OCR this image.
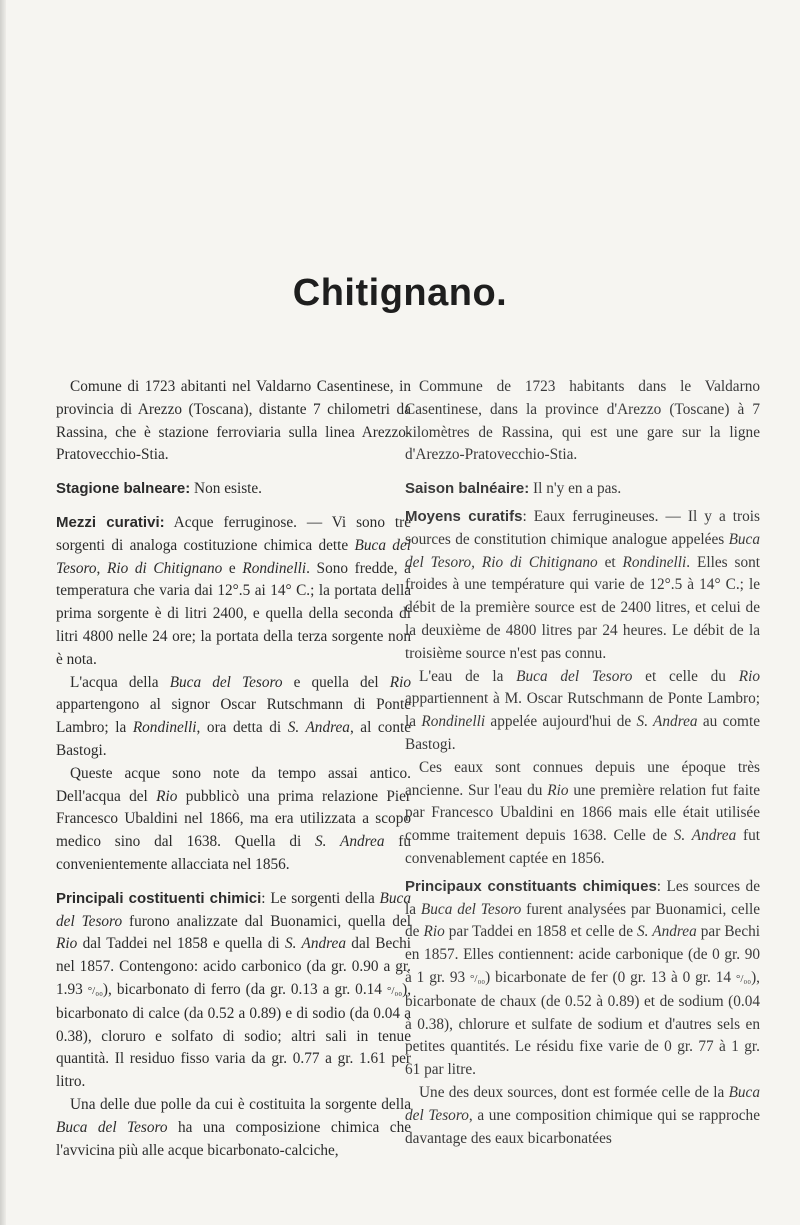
Chitignano.

Comune di 1723 abitanti nel Valdarno Casentinese, in provincia di Arezzo (Toscana), distante 7 chilometri da Rassina, che è stazione ferroviaria sulla linea Arezzo-Pratovecchio-Stia.

Stagione balneare: Non esiste.

Mezzi curativi: Acque ferruginose. — Vi sono tre sorgenti di analoga costituzione chimica dette Buca del Tesoro, Rio di Chitignano e Rondinelli. Sono fredde, a temperatura che varia dai 12°.5 ai 14° C.; la portata della prima sorgente è di litri 2400, e quella della seconda di litri 4800 nelle 24 ore; la portata della terza sorgente non è nota.

L'acqua della Buca del Tesoro e quella del Rio appartengono al signor Oscar Rutschmann di Ponte Lambro; la Rondinelli, ora detta di S. Andrea, al conte Bastogi.

Queste acque sono note da tempo assai antico. Dell'acqua del Rio pubblicò una prima relazione Pier Francesco Ubaldini nel 1866, ma era utilizzata a scopo medico sino dal 1638. Quella di S. Andrea fu convenientemente allacciata nel 1856.

Principali costituenti chimici: Le sorgenti della Buca del Tesoro furono analizzate dal Buonamici, quella del Rio dal Taddei nel 1858 e quella di S. Andrea dal Bechi nel 1857. Contengono: acido carbonico (da gr. 0.90 a gr. 1.93 °/₀₀), bicarbonato di ferro (da gr. 0.13 a gr. 0.14 °/₀₀), bicarbonato di calce (da 0.52 a 0.89) e di sodio (da 0.04 a 0.38), cloruro e solfato di sodio; altri sali in tenue quantità. Il residuo fisso varia da gr. 0.77 a gr. 1.61 per litro.

Una delle due polle da cui è costituita la sorgente della Buca del Tesoro ha una composizione chimica che l'avvicina più alle acque bicarbonato-calciche,

Commune de 1723 habitants dans le Valdarno Casentinese, dans la province d'Arezzo (Toscane) à 7 kilomètres de Rassina, qui est une gare sur la ligne d'Arezzo-Pratovecchio-Stia.

Saison balnéaire: Il n'y en a pas.

Moyens curatifs: Eaux ferrugineuses. — Il y a trois sources de constitution chimique analogue appelées Buca del Tesoro, Rio di Chitignano et Rondinelli. Elles sont froides à une température qui varie de 12°.5 à 14° C.; le débit de la première source est de 2400 litres, et celui de la deuxième de 4800 litres par 24 heures. Le débit de la troisième source n'est pas connu.

L'eau de la Buca del Tesoro et celle du Rio appartiennent à M. Oscar Rutschmann de Ponte Lambro; la Rondinelli appelée aujourd'hui de S. Andrea au comte Bastogi.

Ces eaux sont connues depuis une époque très ancienne. Sur l'eau du Rio une première relation fut faite par Francesco Ubaldini en 1866 mais elle était utilisée comme traitement depuis 1638. Celle de S. Andrea fut convenablement captée en 1856.

Principaux constituants chimiques: Les sources de la Buca del Tesoro furent analysées par Buonamici, celle de Rio par Taddei en 1858 et celle de S. Andrea par Bechi en 1857. Elles contiennent: acide carbonique (de 0 gr. 90 à 1 gr. 93 °/₀₀) bicarbonate de fer (0 gr. 13 à 0 gr. 14 °/₀₀), bicarbonate de chaux (de 0.52 à 0.89) et de sodium (0.04 à 0.38), chlorure et sulfate de sodium et d'autres sels en petites quantités. Le résidu fixe varie de 0 gr. 77 à 1 gr. 61 par litre.

Une des deux sources, dont est formée celle de la Buca del Tesoro, a une composition chimique qui se rapproche davantage des eaux bicarbonatées
